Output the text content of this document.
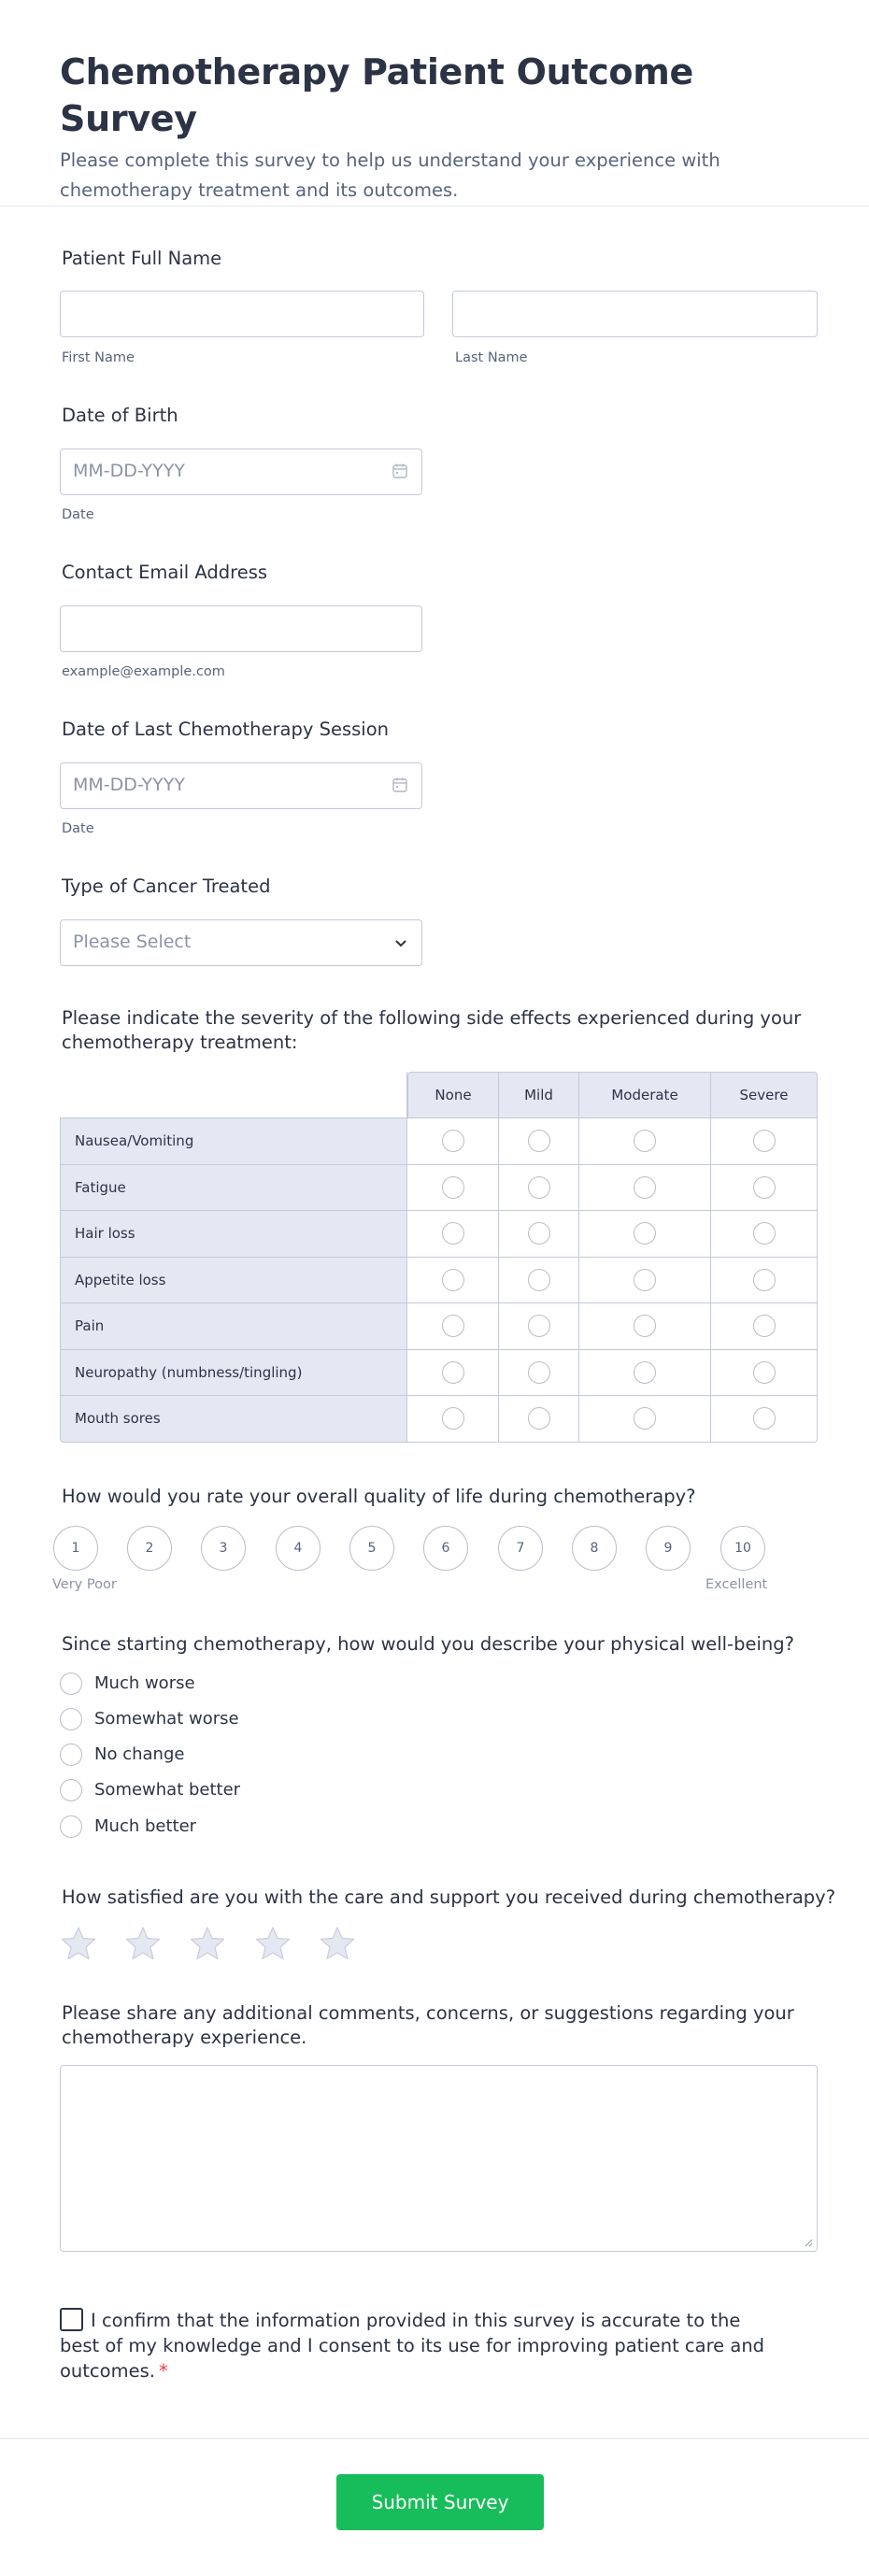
Chemotherapy Patient Outcome Survey
Please complete this survey to help us understand your experience with chemotherapy treatment and its outcomes.
Patient Full Name
First Name	Last Name
Date of Birth
MM-DD-YYYY
Date
Contact Email Address
example@example.com
Date of Last Chemotherapy Session
MM-DD-YYYY
Date
Type of Cancer Treated
Please Select
Please indicate the severity of the following side effects experienced during your chemotherapy treatment:
	None	Mild	Moderate	Severe
Nausea/Vomiting				
Fatigue				
Hair loss				
Appetite loss				
Pain				
Neuropathy (numbness/tingling)				
Mouth sores				
How would you rate your overall quality of life during chemotherapy?
1	2	3	4	5	6	7	8	9	10
Very Poor	Excellent
Since starting chemotherapy, how would you describe your physical well-being?
Much worse
Somewhat worse
No change
Somewhat better
Much better
How satisfied are you with the care and support you received during chemotherapy?
Please share any additional comments, concerns, or suggestions regarding your chemotherapy experience.
I confirm that the information provided in this survey is accurate to the best of my knowledge and I consent to its use for improving patient care and outcomes. *
Submit Survey
